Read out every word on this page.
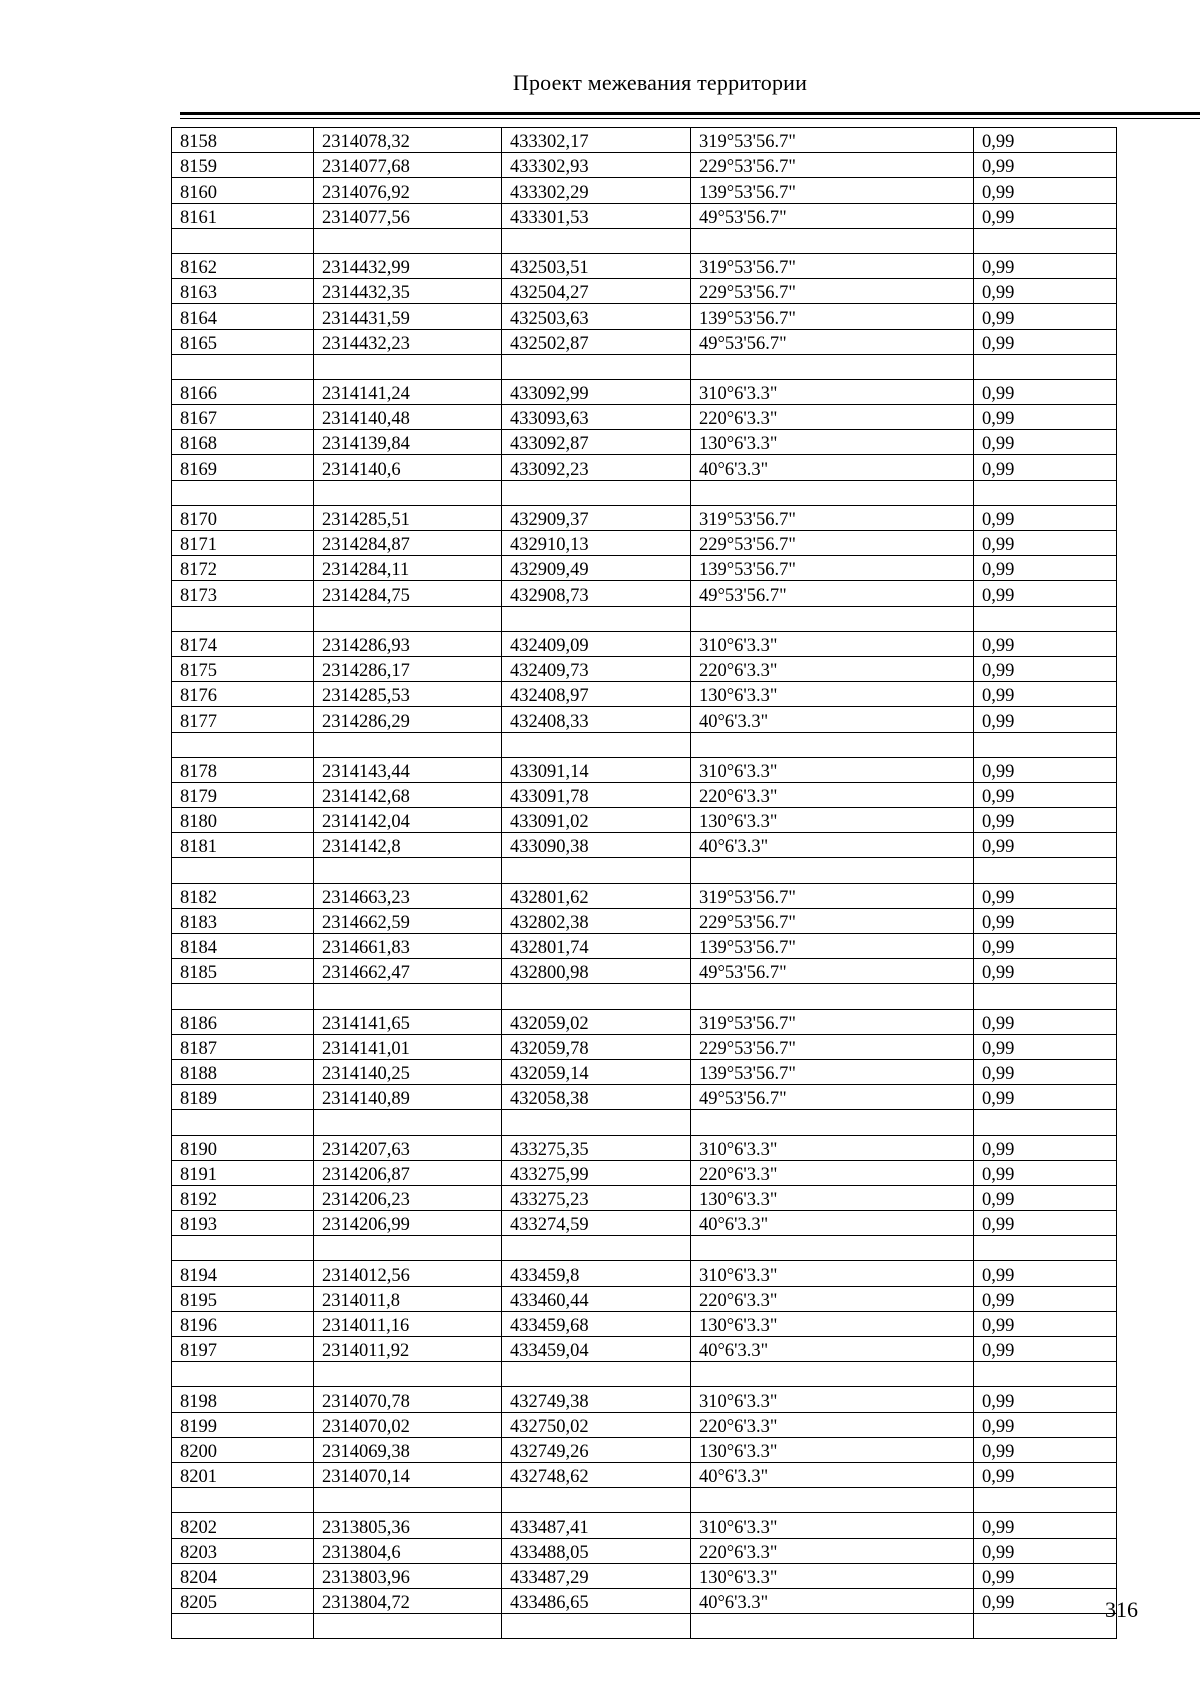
Проект межевания территории
8158	2314078,32	433302,17	319°53'56.7"	0,99
8159	2314077,68	433302,93	229°53'56.7"	0,99
8160	2314076,92	433302,29	139°53'56.7"	0,99
8161	2314077,56	433301,53	49°53'56.7"	0,99

8162	2314432,99	432503,51	319°53'56.7"	0,99
8163	2314432,35	432504,27	229°53'56.7"	0,99
8164	2314431,59	432503,63	139°53'56.7"	0,99
8165	2314432,23	432502,87	49°53'56.7"	0,99

8166	2314141,24	433092,99	310°6'3.3"	0,99
8167	2314140,48	433093,63	220°6'3.3"	0,99
8168	2314139,84	433092,87	130°6'3.3"	0,99
8169	2314140,6	433092,23	40°6'3.3"	0,99

8170	2314285,51	432909,37	319°53'56.7"	0,99
8171	2314284,87	432910,13	229°53'56.7"	0,99
8172	2314284,11	432909,49	139°53'56.7"	0,99
8173	2314284,75	432908,73	49°53'56.7"	0,99

8174	2314286,93	432409,09	310°6'3.3"	0,99
8175	2314286,17	432409,73	220°6'3.3"	0,99
8176	2314285,53	432408,97	130°6'3.3"	0,99
8177	2314286,29	432408,33	40°6'3.3"	0,99

8178	2314143,44	433091,14	310°6'3.3"	0,99
8179	2314142,68	433091,78	220°6'3.3"	0,99
8180	2314142,04	433091,02	130°6'3.3"	0,99
8181	2314142,8	433090,38	40°6'3.3"	0,99

8182	2314663,23	432801,62	319°53'56.7"	0,99
8183	2314662,59	432802,38	229°53'56.7"	0,99
8184	2314661,83	432801,74	139°53'56.7"	0,99
8185	2314662,47	432800,98	49°53'56.7"	0,99

8186	2314141,65	432059,02	319°53'56.7"	0,99
8187	2314141,01	432059,78	229°53'56.7"	0,99
8188	2314140,25	432059,14	139°53'56.7"	0,99
8189	2314140,89	432058,38	49°53'56.7"	0,99

8190	2314207,63	433275,35	310°6'3.3"	0,99
8191	2314206,87	433275,99	220°6'3.3"	0,99
8192	2314206,23	433275,23	130°6'3.3"	0,99
8193	2314206,99	433274,59	40°6'3.3"	0,99

8194	2314012,56	433459,8	310°6'3.3"	0,99
8195	2314011,8	433460,44	220°6'3.3"	0,99
8196	2314011,16	433459,68	130°6'3.3"	0,99
8197	2314011,92	433459,04	40°6'3.3"	0,99

8198	2314070,78	432749,38	310°6'3.3"	0,99
8199	2314070,02	432750,02	220°6'3.3"	0,99
8200	2314069,38	432749,26	130°6'3.3"	0,99
8201	2314070,14	432748,62	40°6'3.3"	0,99

8202	2313805,36	433487,41	310°6'3.3"	0,99
8203	2313804,6	433488,05	220°6'3.3"	0,99
8204	2313803,96	433487,29	130°6'3.3"	0,99
8205	2313804,72	433486,65	40°6'3.3"	0,99
					316
